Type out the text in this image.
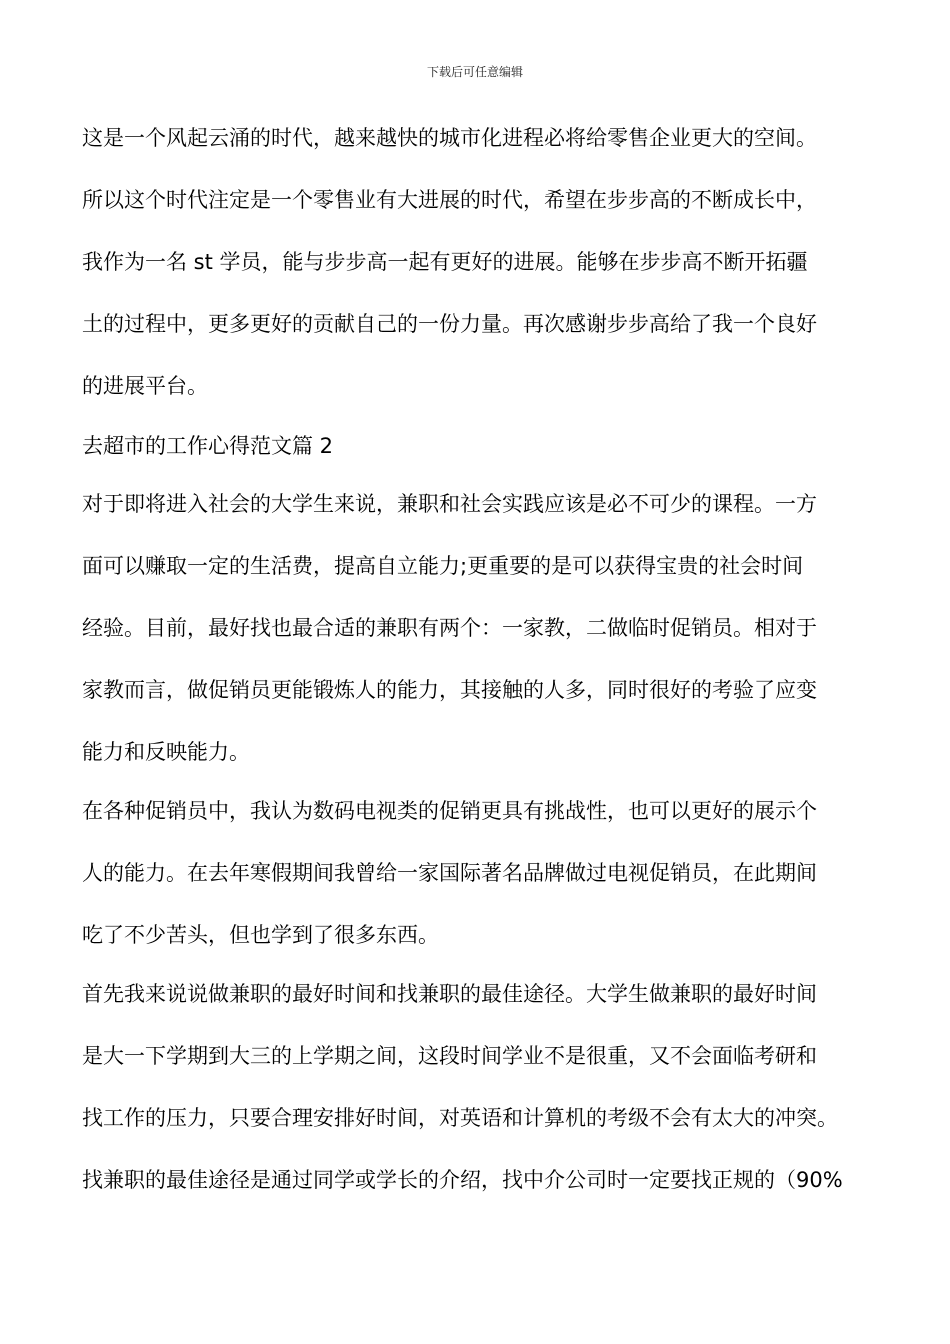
下载后可任意编辑
这是一个风起云涌的时代，越来越快的城市化进程必将给零售企业更大的空间。
所以这个时代注定是一个零售业有大进展的时代，希望在步步高的不断成长中，
我作为一名 st 学员，能与步步高一起有更好的进展。能够在步步高不断开拓疆
土的过程中，更多更好的贡献自己的一份力量。再次感谢步步高给了我一个良好
的进展平台。
去超市的工作心得范文篇 2
对于即将进入社会的大学生来说，兼职和社会实践应该是必不可少的课程。一方
面可以赚取一定的生活费，提高自立能力;更重要的是可以获得宝贵的社会时间
经验。目前，最好找也最合适的兼职有两个：一家教，二做临时促销员。相对于
家教而言，做促销员更能锻炼人的能力，其接触的人多，同时很好的考验了应变
能力和反映能力。
在各种促销员中，我认为数码电视类的促销更具有挑战性，也可以更好的展示个
人的能力。在去年寒假期间我曾给一家国际著名品牌做过电视促销员，在此期间
吃了不少苦头，但也学到了很多东西。
首先我来说说做兼职的最好时间和找兼职的最佳途径。大学生做兼职的最好时间
是大一下学期到大三的上学期之间，这段时间学业不是很重，又不会面临考研和
找工作的压力，只要合理安排好时间，对英语和计算机的考级不会有太大的冲突。
找兼职的最佳途径是通过同学或学长的介绍，找中介公司时一定要找正规的（90%
